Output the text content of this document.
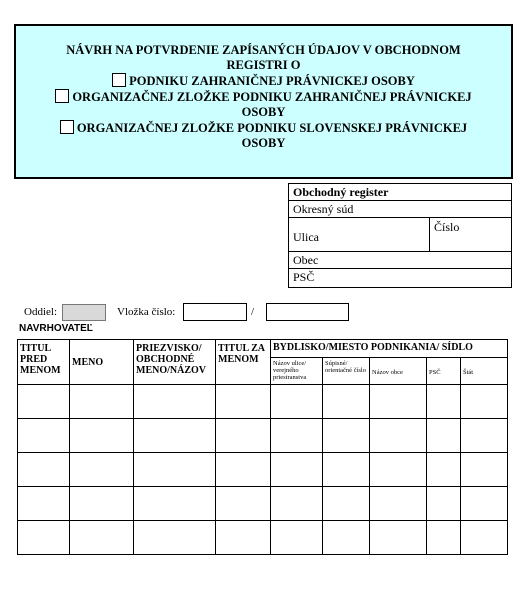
NÁVRH NA POTVRDENIE ZAPÍSANÝCH ÚDAJOV V OBCHODNOM
REGISTRI O
PODNIKU ZAHRANIČNEJ PRÁVNICKEJ OSOBY
ORGANIZAČNEJ ZLOŽKE PODNIKU ZAHRANIČNEJ PRÁVNICKEJ
OSOBY
ORGANIZAČNEJ ZLOŽKE PODNIKU SLOVENSKEJ PRÁVNICKEJ
OSOBY
Obchodný register
Okresný súd
Ulica
Číslo
Obec
PSČ
Oddiel:	Vložka číslo:	/
NAVRHOVATEĽ
TITUL PRED MENOM	MENO	PRIEZVISKO/ OBCHODNÉ MENO/NÁZOV	TITUL ZA MENOM	BYDLISKO/MIESTO PODNIKANIA/ SÍDLO				
				Názov ulice/ verejného priestranstva	Súpisné/ orientačné číslo	Názov obce	PSČ	Štát
